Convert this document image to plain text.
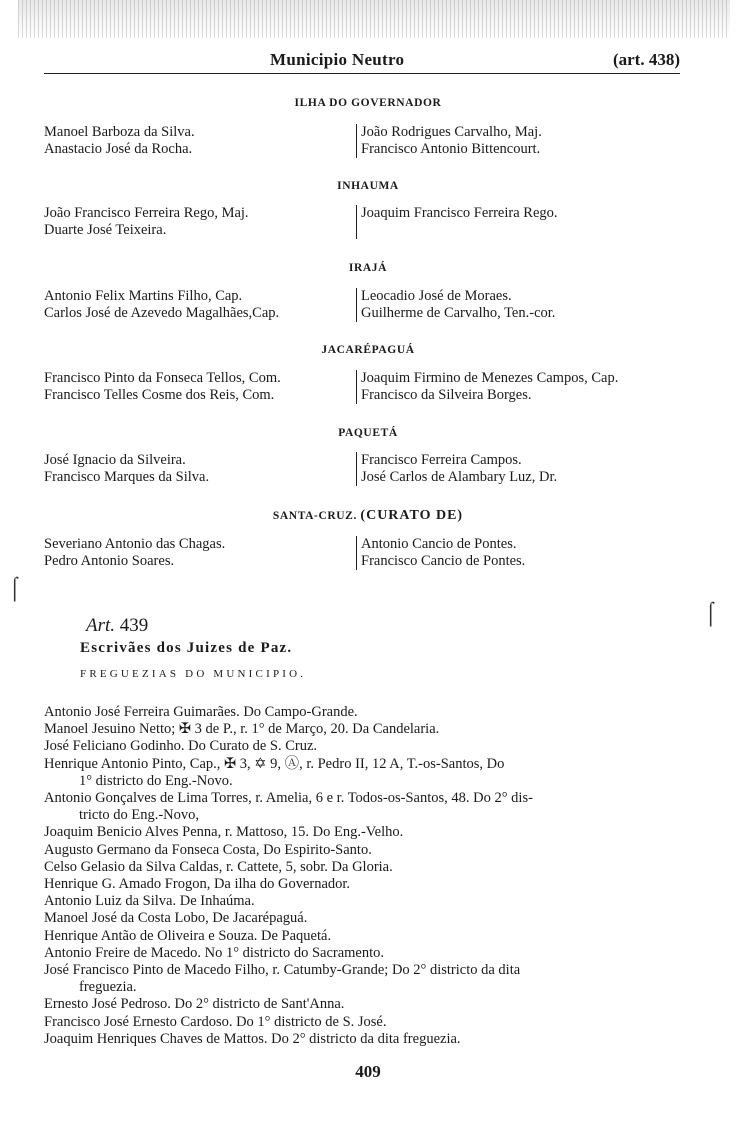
Municipio Neutro	(art. 438)
ILHA DO GOVERNADOR
Manoel Barboza da Silva.
Anastacio José da Rocha.
João Rodrigues Carvalho, Maj.
Francisco Antonio Bittencourt.
INHAUMA
João Francisco Ferreira Rego, Maj.
Duarte José Teixeira.
Joaquim Francisco Ferreira Rego.
IRAJÁ
Antonio Felix Martins Filho, Cap.
Carlos José de Azevedo Magalhães,Cap.
Leocadio José de Moraes.
Guilherme de Carvalho, Ten.-cor.
JACARÉPAGUÁ
Francisco Pinto da Fonseca Tellos, Com.
Francisco Telles Cosme dos Reis, Com.
Joaquim Firmino de Menezes Campos, Cap.
Francisco da Silveira Borges.
PAQUETÁ
José Ignacio da Silveira.
Francisco Marques da Silva.
Francisco Ferreira Campos.
José Carlos de Alambary Luz, Dr.
SANTA-CRUZ. (CURATO DE)
Severiano Antonio das Chagas.
Pedro Antonio Soares.
Antonio Cancio de Pontes.
Francisco Cancio de Pontes.
Art. 439
Escrivães dos Juizes de Paz.
FREGUEZIAS DO MUNICIPIO.
Antonio José Ferreira Guimarães. Do Campo-Grande.
Manoel Jesuino Netto; ✠ 3 de P., r. 1° de Março, 20. Da Candelaria.
José Feliciano Godinho. Do Curato de S. Cruz.
Henrique Antonio Pinto, Cap., ✠ 3, ✡ 9, Ⓐ, r. Pedro II, 12 A, T.-os-Santos, Do
1° districto do Eng.-Novo.
Antonio Gonçalves de Lima Torres, r. Amelia, 6 e r. Todos-os-Santos, 48. Do 2° dis-
tricto do Eng.-Novo,
Joaquim Benicio Alves Penna, r. Mattoso, 15. Do Eng.-Velho.
Augusto Germano da Fonseca Costa, Do Espirito-Santo.
Celso Gelasio da Silva Caldas, r. Cattete, 5, sobr. Da Gloria.
Henrique G. Amado Frogon, Da ilha do Governador.
Antonio Luiz da Silva. De Inhaúma.
Manoel José da Costa Lobo, De Jacarépaguá.
Henrique Antão de Oliveira e Souza. De Paquetá.
Antonio Freire de Macedo. No 1° districto do Sacramento.
José Francisco Pinto de Macedo Filho, r. Catumby-Grande; Do 2° districto da dita
freguezia.
Ernesto José Pedroso. Do 2° districto de Sant'Anna.
Francisco José Ernesto Cardoso. Do 1° districto de S. José.
Joaquim Henriques Chaves de Mattos. Do 2° districto da dita freguezia.
409
⌠
⌠
